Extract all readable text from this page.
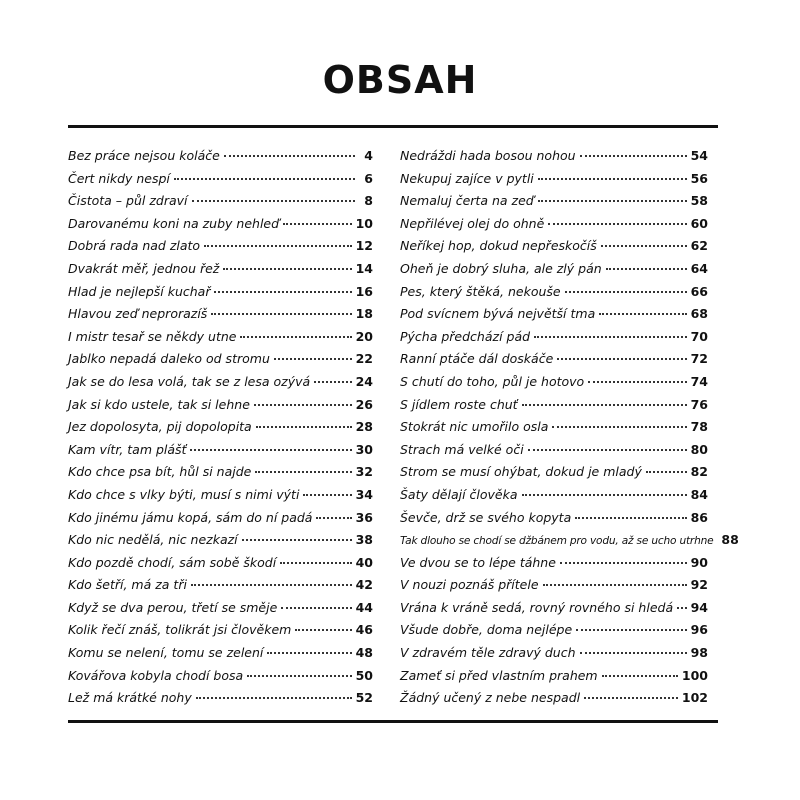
OBSAH
Bez práce nejsou koláče	4
Čert nikdy nespí	6
Čistota – půl zdraví	8
Darovanému koni na zuby nehleď	10
Dobrá rada nad zlato	12
Dvakrát měř, jednou řež	14
Hlad je nejlepší kuchař	16
Hlavou zeď neprorazíš	18
I mistr tesař se někdy utne	20
Jablko nepadá daleko od stromu	22
Jak se do lesa volá, tak se z lesa ozývá	24
Jak si kdo ustele, tak si lehne	26
Jez dopolosyta, pij dopolopita	28
Kam vítr, tam plášť	30
Kdo chce psa bít, hůl si najde	32
Kdo chce s vlky býti, musí s nimi výti	34
Kdo jinému jámu kopá, sám do ní padá	36
Kdo nic nedělá, nic nezkazí	38
Kdo pozdě chodí, sám sobě škodí	40
Kdo šetří, má za tři	42
Když se dva perou, třetí se směje	44
Kolik řečí znáš, tolikrát jsi člověkem	46
Komu se nelení, tomu se zelení	48
Kovářova kobyla chodí bosa	50
Lež má krátké nohy	52
Nedráždi hada bosou nohou	54
Nekupuj zajíce v pytli	56
Nemaluj čerta na zeď	58
Nepřilévej olej do ohně	60
Neříkej hop, dokud nepřeskočíš	62
Oheň je dobrý sluha, ale zlý pán	64
Pes, který štěká, nekouše	66
Pod svícnem bývá největší tma	68
Pýcha předchází pád	70
Ranní ptáče dál doskáče	72
S chutí do toho, půl je hotovo	74
S jídlem roste chuť	76
Stokrát nic umořilo osla	78
Strach má velké oči	80
Strom se musí ohýbat, dokud je mladý	82
Šaty dělají člověka	84
Ševče, drž se svého kopyta	86
Tak dlouho se chodí se džbánem pro vodu, až se ucho utrhne 88
Ve dvou se to lépe táhne	90
V nouzi poznáš přítele	92
Vrána k vráně sedá, rovný rovného si hledá 94
Všude dobře, doma nejlépe	96
V zdravém těle zdravý duch	98
Zameť si před vlastním prahem	100
Žádný učený z nebe nespadl	102
